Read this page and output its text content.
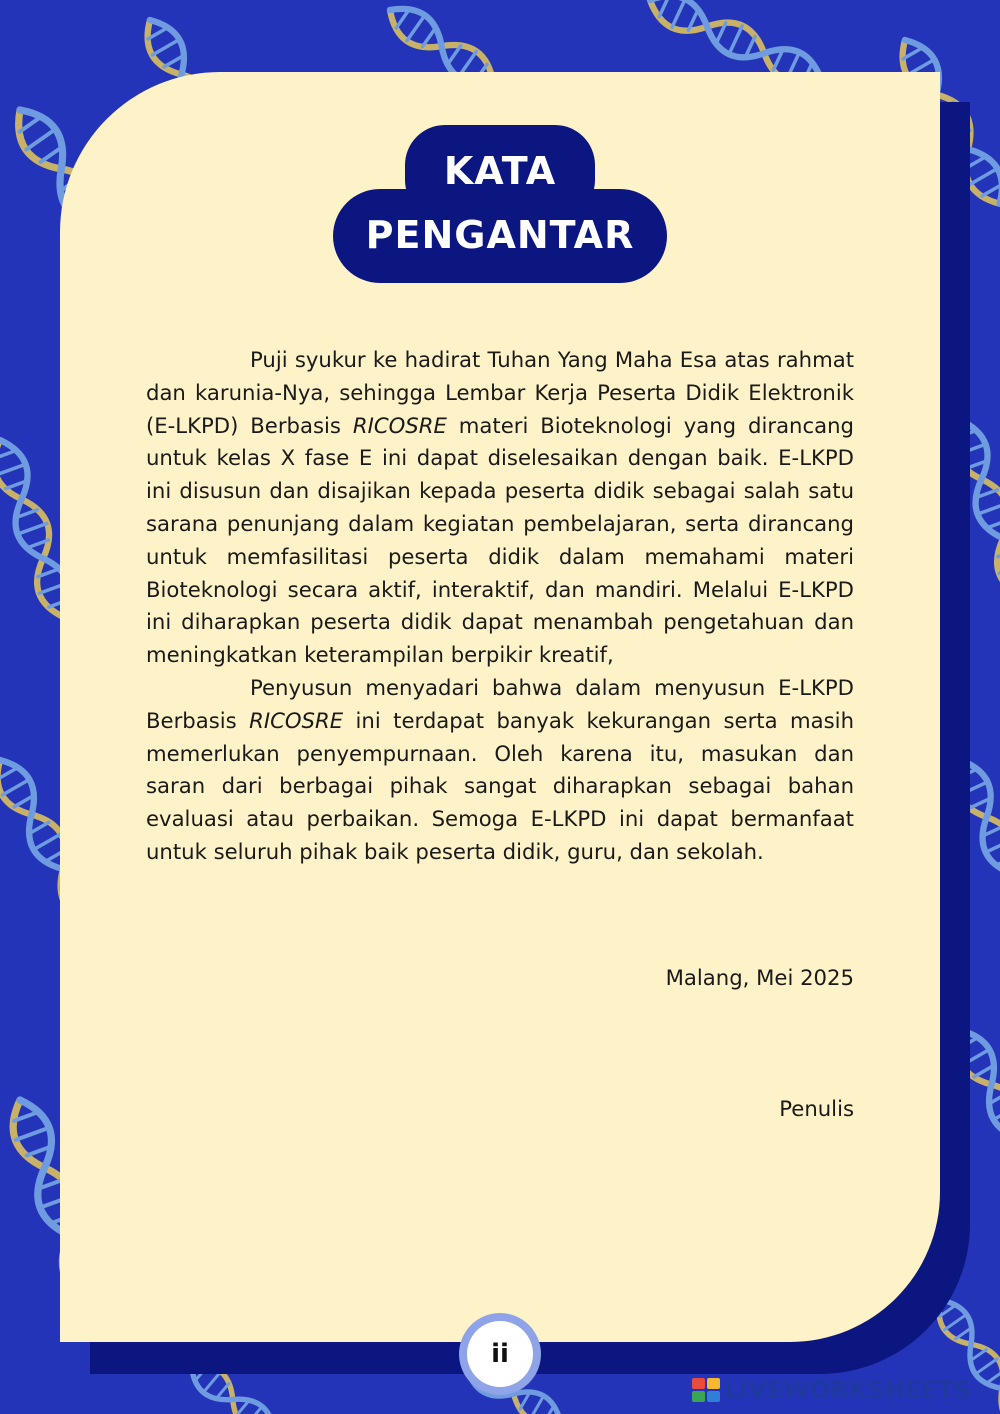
KATA
PENGANTAR

Puji syukur ke hadirat Tuhan Yang Maha Esa atas rahmat dan karunia-Nya, sehingga Lembar Kerja Peserta Didik Elektronik (E-LKPD) Berbasis RICOSRE materi Bioteknologi yang dirancang untuk kelas X fase E ini dapat diselesaikan dengan baik. E-LKPD ini disusun dan disajikan kepada peserta didik sebagai salah satu sarana penunjang dalam kegiatan pembelajaran, serta dirancang untuk memfasilitasi peserta didik dalam memahami materi Bioteknologi secara aktif, interaktif, dan mandiri. Melalui E-LKPD ini diharapkan peserta didik dapat menambah pengetahuan dan meningkatkan keterampilan berpikir kreatif,

Penyusun menyadari bahwa dalam menyusun E-LKPD Berbasis RICOSRE ini terdapat banyak kekurangan serta masih memerlukan penyempurnaan. Oleh karena itu, masukan dan saran dari berbagai pihak sangat diharapkan sebagai bahan evaluasi atau perbaikan. Semoga E-LKPD ini dapat bermanfaat untuk seluruh pihak baik peserta didik, guru, dan sekolah.

Malang, Mei 2025
Penulis
ii
LIVEWORKSHEETS
